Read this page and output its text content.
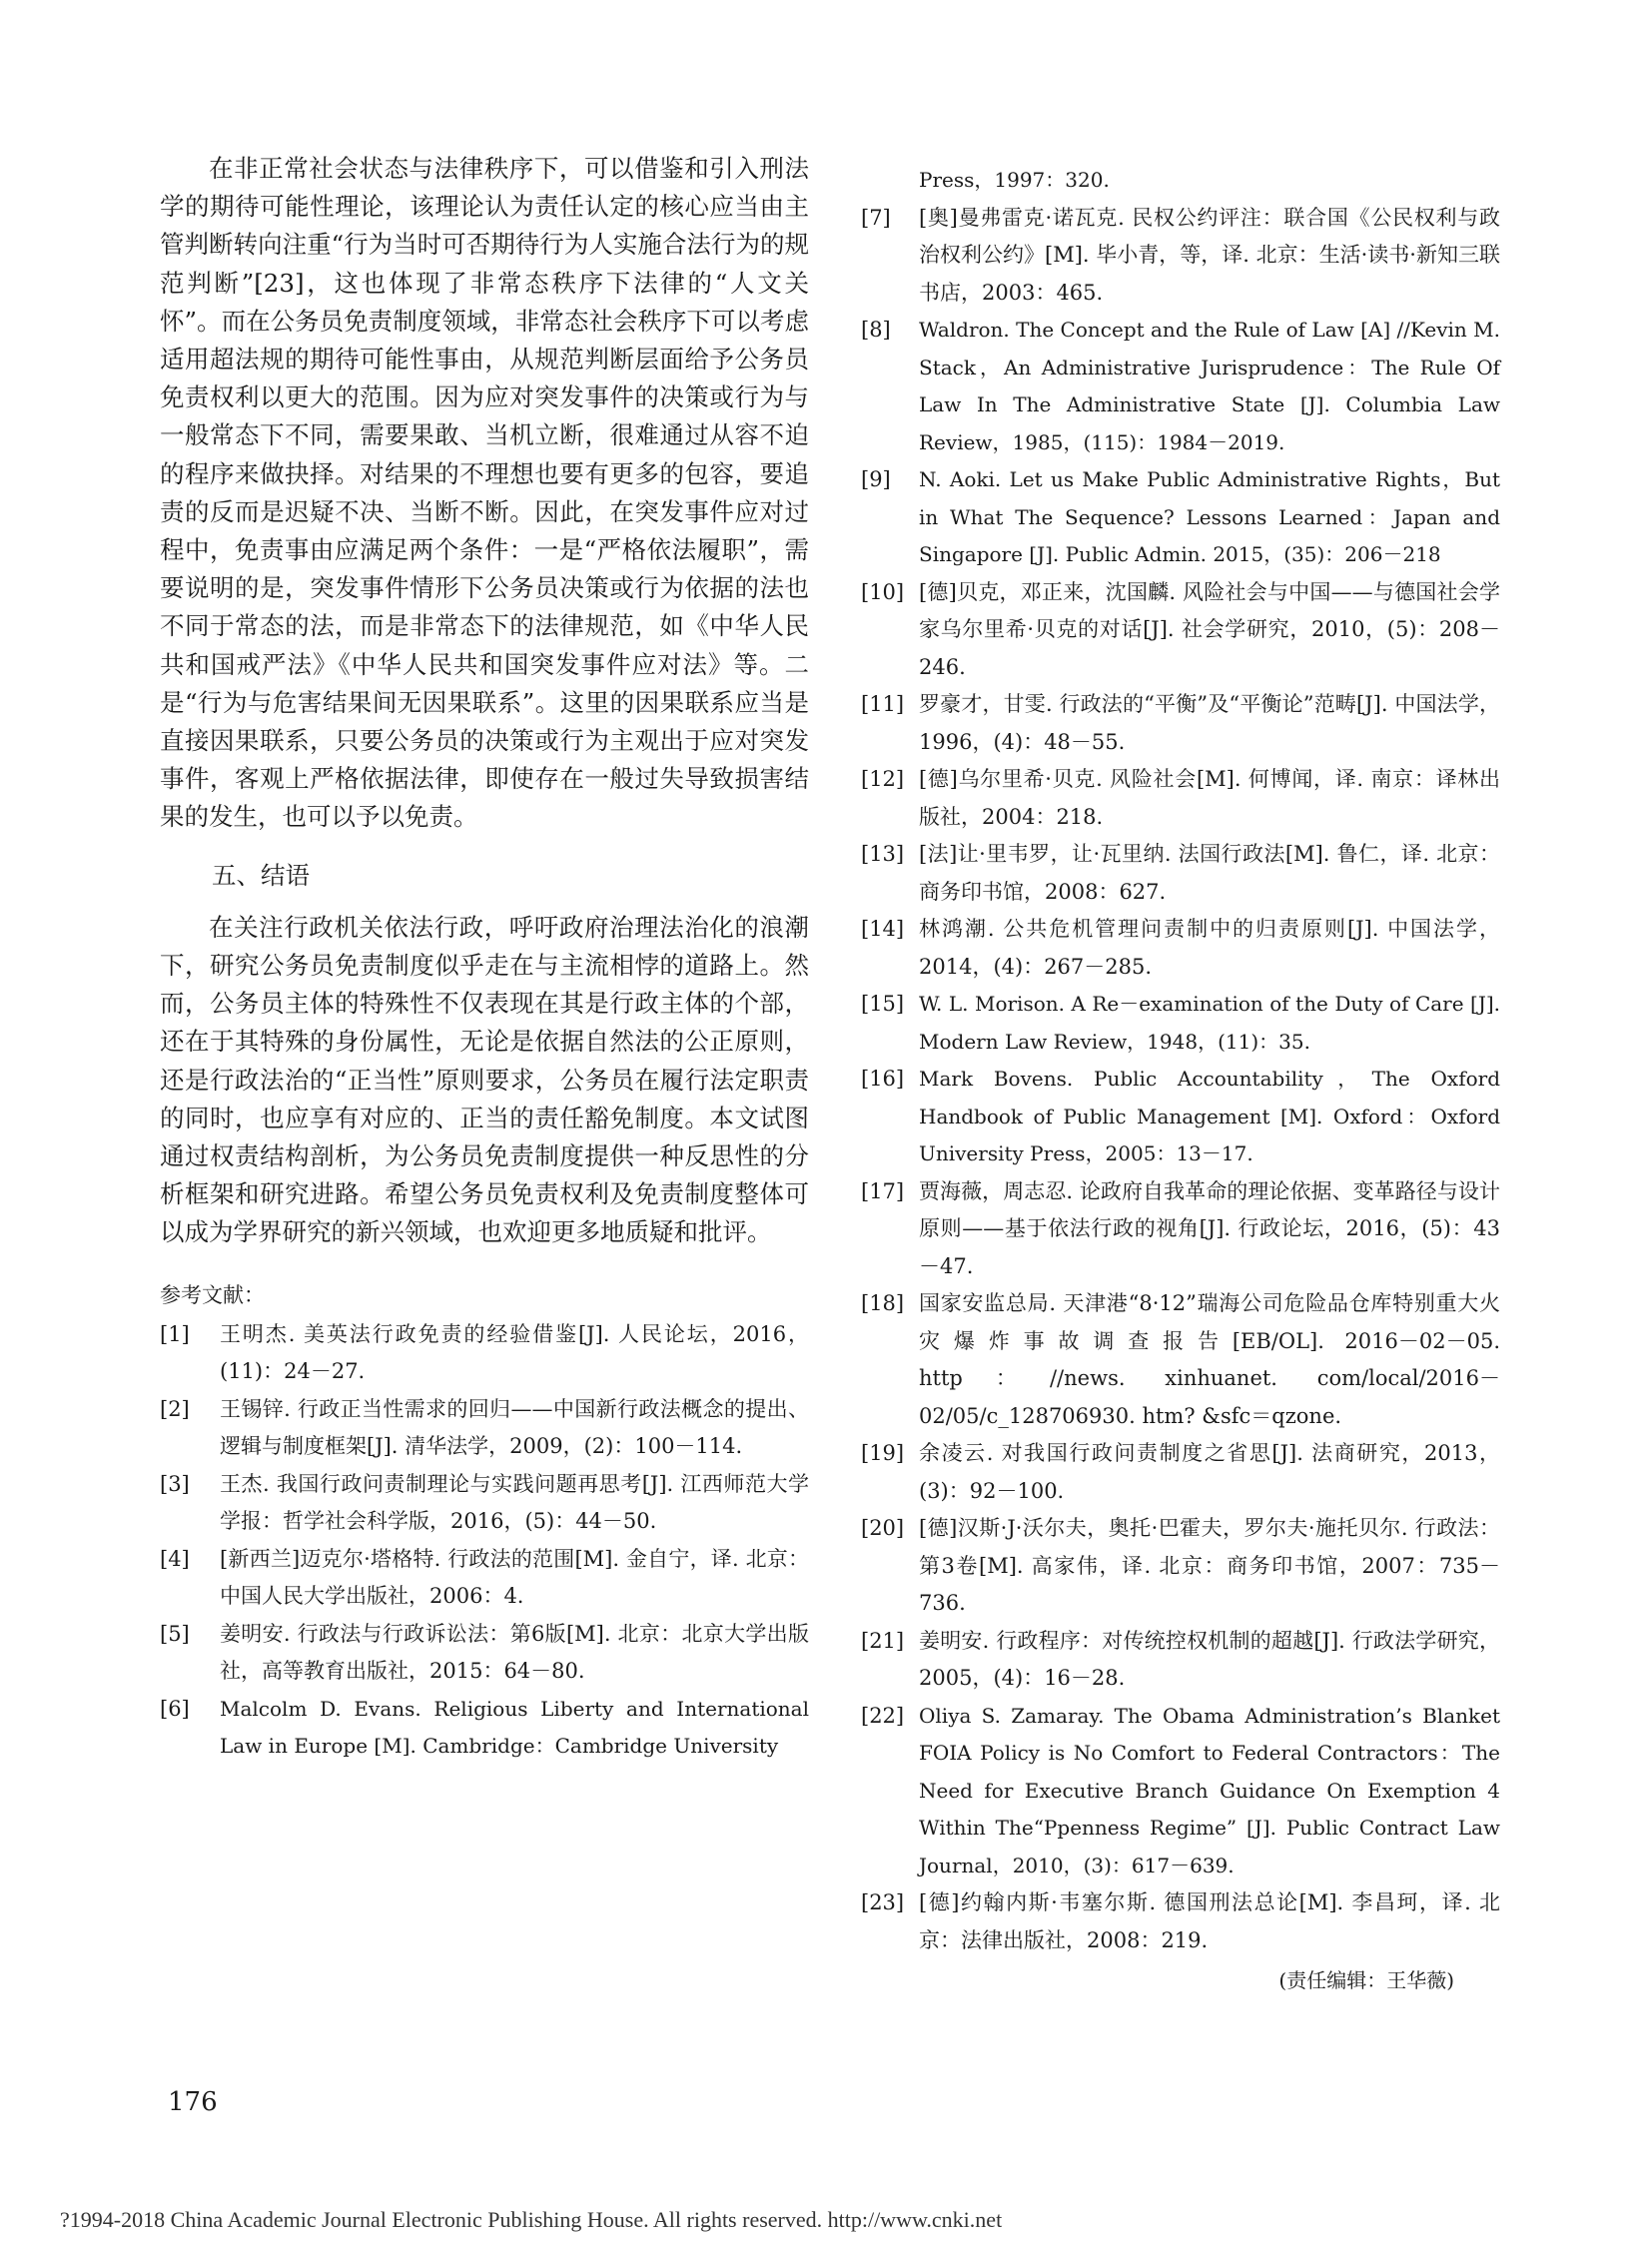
在非正常社会状态与法律秩序下，可以借鉴和引入刑法学的期待可能性理论，该理论认为责任认定的核心应当由主管判断转向注重“行为当时可否期待行为人实施合法行为的规范判断”[23]，这也体现了非常态秩序下法律的“人文关怀”。而在公务员免责制度领域，非常态社会秩序下可以考虑适用超法规的期待可能性事由，从规范判断层面给予公务员免责权利以更大的范围。因为应对突发事件的决策或行为与一般常态下不同，需要果敢、当机立断，很难通过从容不迫的程序来做抉择。对结果的不理想也要有更多的包容，要追责的反而是迟疑不决、当断不断。因此，在突发事件应对过程中，免责事由应满足两个条件：一是“严格依法履职”，需要说明的是，突发事件情形下公务员决策或行为依据的法也不同于常态的法，而是非常态下的法律规范，如《中华人民共和国戒严法》《中华人民共和国突发事件应对法》等。二是“行为与危害结果间无因果联系”。这里的因果联系应当是直接因果联系，只要公务员的决策或行为主观出于应对突发事件，客观上严格依据法律，即使存在一般过失导致损害结果的发生，也可以予以免责。

五、结语

在关注行政机关依法行政，呼吁政府治理法治化的浪潮下，研究公务员免责制度似乎走在与主流相悖的道路上。然而，公务员主体的特殊性不仅表现在其是行政主体的个部，还在于其特殊的身份属性，无论是依据自然法的公正原则，还是行政法治的“正当性”原则要求，公务员在履行法定职责的同时，也应享有对应的、正当的责任豁免制度。本文试图通过权责结构剖析，为公务员免责制度提供一种反思性的分析框架和研究进路。希望公务员免责权利及免责制度整体可以成为学界研究的新兴领域，也欢迎更多地质疑和批评。

参考文献：
[1] 王明杰. 美英法行政免责的经验借鉴[J]. 人民论坛，2016，(11)：24－27.
[2] 王锡锌. 行政正当性需求的回归——中国新行政法概念的提出、逻辑与制度框架[J]. 清华法学，2009，(2)：100－114.
[3] 王杰. 我国行政问责制理论与实践问题再思考[J]. 江西师范大学学报：哲学社会科学版，2016，(5)：44－50.
[4] [新西兰]迈克尔·塔格特. 行政法的范围[M]. 金自宁，译. 北京：中国人民大学出版社，2006：4.
[5] 姜明安. 行政法与行政诉讼法：第6版[M]. 北京：北京大学出版社，高等教育出版社，2015：64－80.
[6] Malcolm D. Evans. Religious Liberty and International Law in Europe [M]. Cambridge：Cambridge University
Press，1997：320.
[7] [奥]曼弗雷克·诺瓦克. 民权公约评注：联合国《公民权利与政治权利公约》[M]. 毕小青，等，译. 北京：生活·读书·新知三联书店，2003：465.
[8] Waldron. The Concept and the Rule of Law [A] //Kevin M. Stack，An Administrative Jurisprudence：The Rule Of Law In The Administrative State [J]. Columbia Law Review，1985，(115)：1984－2019.
[9] N. Aoki. Let us Make Public Administrative Rights，But in What The Sequence? Lessons Learned：Japan and Singapore [J]. Public Admin. 2015，(35)：206－218
[10] [德]贝克，邓正来，沈国麟. 风险社会与中国——与德国社会学家乌尔里希·贝克的对话[J]. 社会学研究，2010，(5)：208－246.
[11] 罗豪才，甘雯. 行政法的“平衡”及“平衡论”范畴[J]. 中国法学，1996，(4)：48－55.
[12] [德]乌尔里希·贝克. 风险社会[M]. 何博闻，译. 南京：译林出版社，2004：218.
[13] [法]让·里韦罗，让·瓦里纳. 法国行政法[M]. 鲁仁，译. 北京：商务印书馆，2008：627.
[14] 林鸿潮. 公共危机管理问责制中的归责原则[J]. 中国法学，2014，(4)：267－285.
[15] W. L. Morison. A Re－examination of the Duty of Care [J]. Modern Law Review，1948，(11)：35.
[16] Mark Bovens. Public Accountability，The Oxford Handbook of Public Management [M]. Oxford：Oxford University Press，2005：13－17.
[17] 贾海薇，周志忍. 论政府自我革命的理论依据、变革路径与设计原则——基于依法行政的视角[J]. 行政论坛，2016，(5)：43－47.
[18] 国家安监总局. 天津港“8·12”瑞海公司危险品仓库特别重大火灾爆炸事故调查报告[EB/OL]. 2016－02－05. http：//news. xinhuanet. com/local/2016－02/05/c_128706930. htm? &sfc＝qzone.
[19] 余凌云. 对我国行政问责制度之省思[J]. 法商研究，2013，(3)：92－100.
[20] [德]汉斯·J·沃尔夫，奥托·巴霍夫，罗尔夫·施托贝尔. 行政法：第3卷[M]. 高家伟，译. 北京：商务印书馆，2007：735－736.
[21] 姜明安. 行政程序：对传统控权机制的超越[J]. 行政法学研究，2005，(4)：16－28.
[22] Oliya S. Zamaray. The Obama Administration’s Blanket FOIA Policy is No Comfort to Federal Contractors：The Need for Executive Branch Guidance On Exemption 4 Within The“Ppenness Regime” [J]. Public Contract Law Journal，2010，(3)：617－639.
[23] [德]约翰内斯·韦塞尔斯. 德国刑法总论[M]. 李昌珂，译. 北京：法律出版社，2008：219.
(责任编辑：王华薇)
176
?1994-2018 China Academic Journal Electronic Publishing House. All rights reserved. http://www.cnki.net
